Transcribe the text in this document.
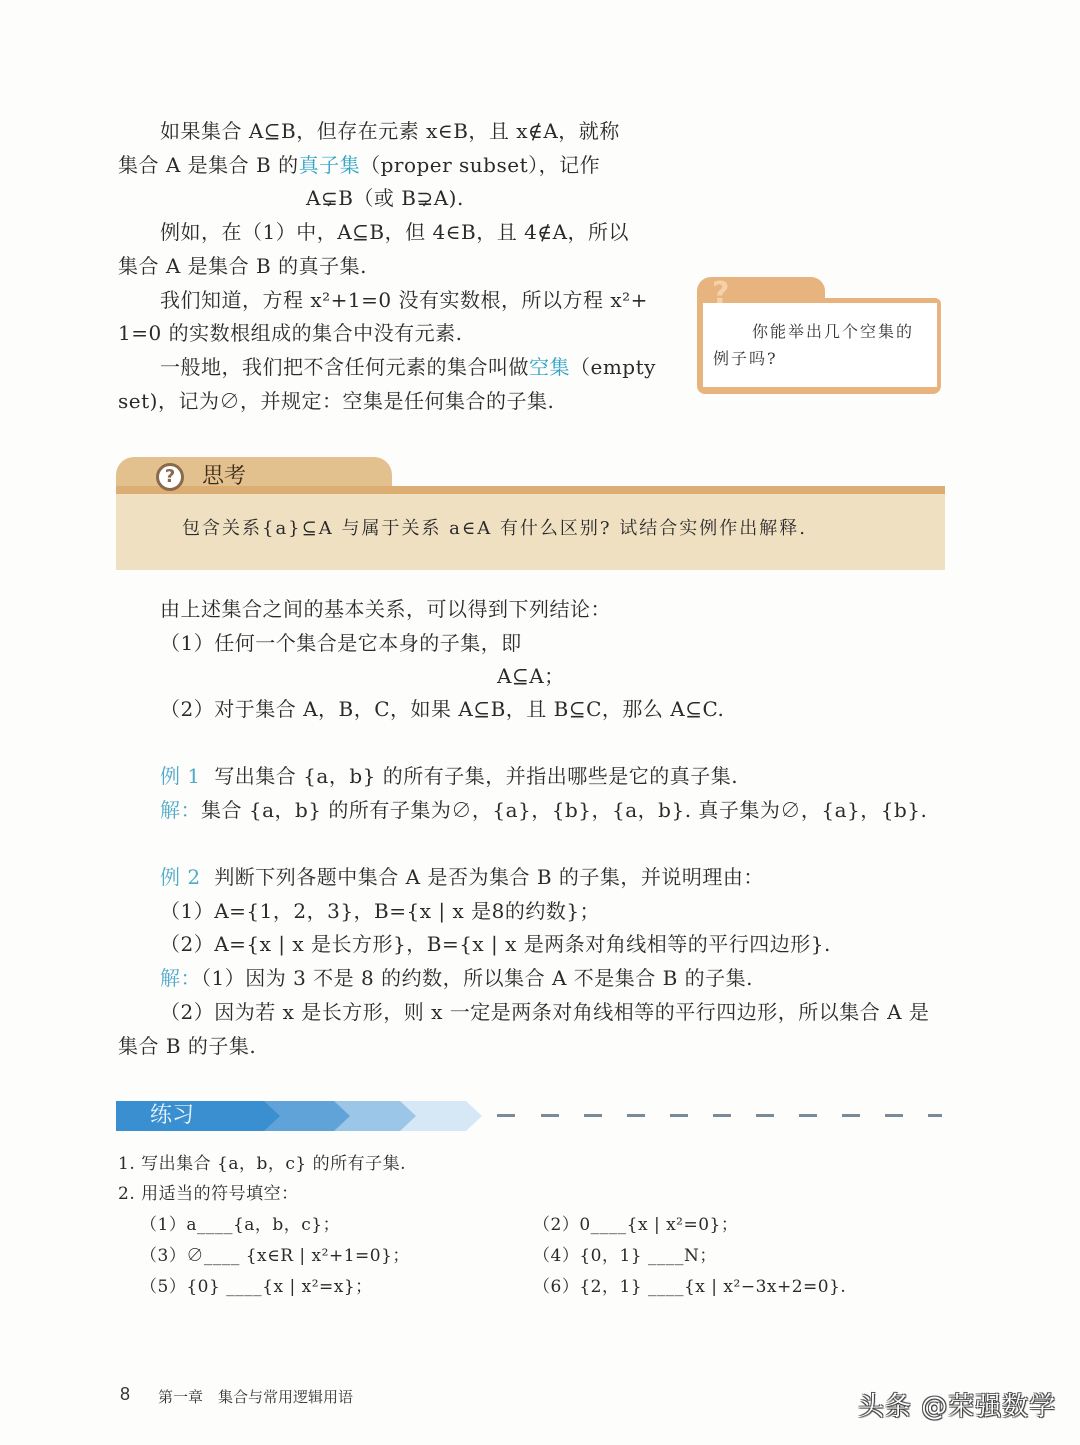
如果集合 A⊆B，但存在元素 x∈B，且 x∉A，就称
集合 A 是集合 B 的真子集（proper subset），记作
A⊊B（或 B⊋A).
例如，在（1）中，A⊆B，但 4∈B，且 4∉A，所以
集合 A 是集合 B 的真子集.
我们知道，方程 x²+1=0 没有实数根，所以方程 x²+
1=0 的实数根组成的集合中没有元素.
一般地，我们把不含任何元素的集合叫做空集（empty
set)，记为∅，并规定：空集是任何集合的子集.
?
你能举出几个空集的
例子吗?
?	思考
包含关系{a}⊆A 与属于关系 a∈A 有什么区别? 试结合实例作出解释.
由上述集合之间的基本关系，可以得到下列结论：
（1）任何一个集合是它本身的子集，即
A⊆A；
（2）对于集合 A，B，C，如果 A⊆B，且 B⊆C，那么 A⊆C.
例 1 写出集合 {a，b} 的所有子集，并指出哪些是它的真子集.
解：集合 {a，b} 的所有子集为∅，{a}，{b}，{a，b}. 真子集为∅，{a}，{b}.
例 2 判断下列各题中集合 A 是否为集合 B 的子集，并说明理由：
（1）A={1，2，3}，B={x | x 是8的约数}；
（2）A={x | x 是长方形}，B={x | x 是两条对角线相等的平行四边形}.
解：（1）因为 3 不是 8 的约数，所以集合 A 不是集合 B 的子集.
（2）因为若 x 是长方形，则 x 一定是两条对角线相等的平行四边形，所以集合 A 是
集合 B 的子集.
练习
1. 写出集合 {a，b，c} 的所有子集.
2. 用适当的符号填空：
（1）a____{a，b，c}；	（2）0____{x | x²=0}；
（3）∅____ {x∈R | x²+1=0}；	（4）{0，1} ____N；
（5）{0} ____{x | x²=x}；	（6）{2，1} ____{x | x²−3x+2=0}.
8 第一章　集合与常用逻辑用语	头条 @荣强数学
